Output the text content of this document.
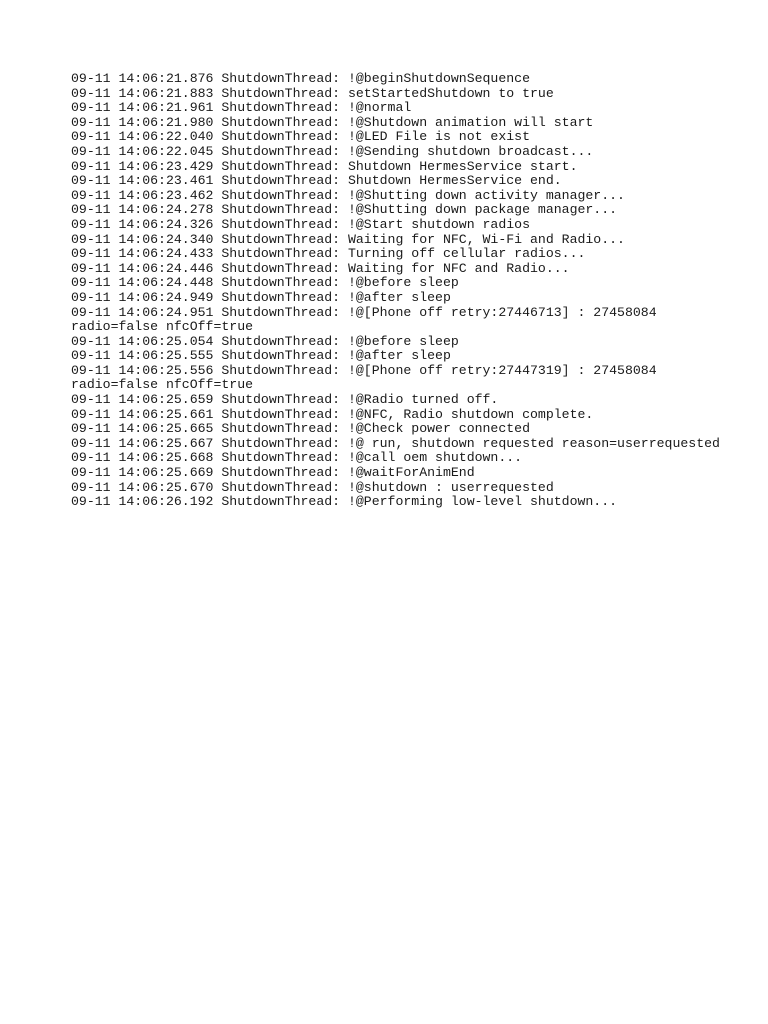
09-11 14:06:21.876 ShutdownThread: !@beginShutdownSequence

09-11 14:06:21.883 ShutdownThread: setStartedShutdown to true

09-11 14:06:21.961 ShutdownThread: !@normal

09-11 14:06:21.980 ShutdownThread: !@Shutdown animation will start

09-11 14:06:22.040 ShutdownThread: !@LED File is not exist

09-11 14:06:22.045 ShutdownThread: !@Sending shutdown broadcast...

09-11 14:06:23.429 ShutdownThread: Shutdown HermesService start.

09-11 14:06:23.461 ShutdownThread: Shutdown HermesService end.

09-11 14:06:23.462 ShutdownThread: !@Shutting down activity manager...

09-11 14:06:24.278 ShutdownThread: !@Shutting down package manager...

09-11 14:06:24.326 ShutdownThread: !@Start shutdown radios

09-11 14:06:24.340 ShutdownThread: Waiting for NFC, Wi-Fi and Radio...

09-11 14:06:24.433 ShutdownThread: Turning off cellular radios...

09-11 14:06:24.446 ShutdownThread: Waiting for NFC and Radio...

09-11 14:06:24.448 ShutdownThread: !@before sleep

09-11 14:06:24.949 ShutdownThread: !@after sleep

09-11 14:06:24.951 ShutdownThread: !@[Phone off retry:27446713] : 27458084

radio=false nfcOff=true

09-11 14:06:25.054 ShutdownThread: !@before sleep

09-11 14:06:25.555 ShutdownThread: !@after sleep

09-11 14:06:25.556 ShutdownThread: !@[Phone off retry:27447319] : 27458084

radio=false nfcOff=true

09-11 14:06:25.659 ShutdownThread: !@Radio turned off.

09-11 14:06:25.661 ShutdownThread: !@NFC, Radio shutdown complete.

09-11 14:06:25.665 ShutdownThread: !@Check power connected

09-11 14:06:25.667 ShutdownThread: !@ run, shutdown requested reason=userrequested

09-11 14:06:25.668 ShutdownThread: !@call oem shutdown...

09-11 14:06:25.669 ShutdownThread: !@waitForAnimEnd

09-11 14:06:25.670 ShutdownThread: !@shutdown : userrequested

09-11 14:06:26.192 ShutdownThread: !@Performing low-level shutdown...
